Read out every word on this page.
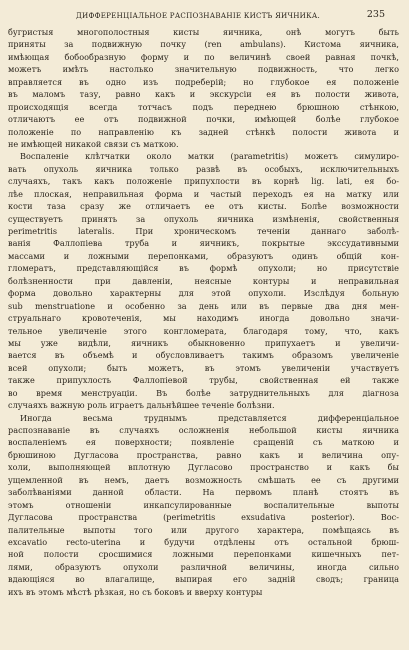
ДИФФЕРЕНЦІАЛЬНОЕ РАСПОЗНАВАНІЕ КИСТЪ ЯИЧНИКА.	235
бугристыя многополостныя кисты яичника, онѣ могутъ быть
приняты за подвижную почку (ren ambulans). Кистома яичника,
имѣющая бобообразную форму и по величинѣ своей равная почкѣ,
можетъ имѣть настолько значительную подвижность, что легко
вправляется въ одно изъ подреберій; но глубокое ея положеніе
въ маломъ тазу, равно какъ и экскурсіи ея въ полости живота,
происходящія всегда тотчасъ подъ переднею брюшною стѣнкою,
отличаютъ ее отъ подвижной почки, имѣющей болѣе глубокое
положеніе по направленію къ задней стѣнкѣ полости живота и
не имѣющей никакой связи съ маткою.
Воспаленіе клѣтчатки около матки (parametritis) можетъ симулиро-
вать опухоль яичника только развѣ въ особыхъ, исключительныхъ
случаяхъ, такъ какъ положеніе припухлости въ корнѣ lig. lati, ея бо-
лѣе плоская, неправильная форма и частый переходъ ея на матку или
кости таза сразу же отличаетъ ее отъ кисты. Болѣе возможности
существуетъ принять за опухоль яичника измѣненія, свойственныя
perimetritis lateralis. При хроническомъ теченіи даннаго заболѣ-
ванія Фаллопіева труба и яичникъ, покрытые экссудативными
массами и ложными перепонками, образуютъ одинъ общій кон-
гломератъ, представляющійся въ формѣ опухоли; но присутствіе
болѣзненности при давленіи, неясные контуры и неправильная
форма довольно характерны для этой опухоли. Изслѣдуя больную
sub menstruatione и особенно за день или въ первые два дня мен-
струальнаго кровотеченія, мы находимъ иногда довольно значи-
тельное увеличеніе этого конгломерата, благодаря тому, что, какъ
мы уже видѣли, яичникъ обыкновенно припухаетъ и увеличи-
вается въ объемѣ и обусловливаетъ такимъ образомъ увеличеніе
всей опухоли; быть можетъ, въ этомъ увеличеніи участвуетъ
также припухлость Фаллопіевой трубы, свойственная ей также
во время менструаціи. Въ болѣе затруднительныхъ для діагноза
случаяхъ важную роль играетъ дальнѣйшее теченіе болѣзни.
Иногда весьма труднымъ представляется дифференціальное
распознаваніе въ случаяхъ осложненія небольшой кисты яичника
воспаленіемъ ея поверхности; появленіе сращеній съ маткою и
брюшиною Дугласова пространства, равно какъ и величина опу-
холи, выполняющей вплотную Дугласово пространство и какъ бы
ущемленной въ немъ, даетъ возможность смѣшать ее съ другими
заболѣваніями данной области. На первомъ планѣ стоятъ въ
этомъ отношеніи инкапсулированные воспалительные выпоты
Дугласова пространства (perimetritis exsudativa posterior). Вос-
палительные выпоты того или другого характера, помѣщаясь въ
excavatio recto-uterina и будучи отдѣлены отъ остальной брюш-
ной полости сросшимися ложными перепонками кишечныхъ пет-
лями, образуютъ опухоли различной величины, иногда сильно
вдающіяся во влагалище, выпирая его задній сводъ; граница
ихъ въ этомъ мѣстѣ рѣзкая, но съ боковъ и вверху контуры
